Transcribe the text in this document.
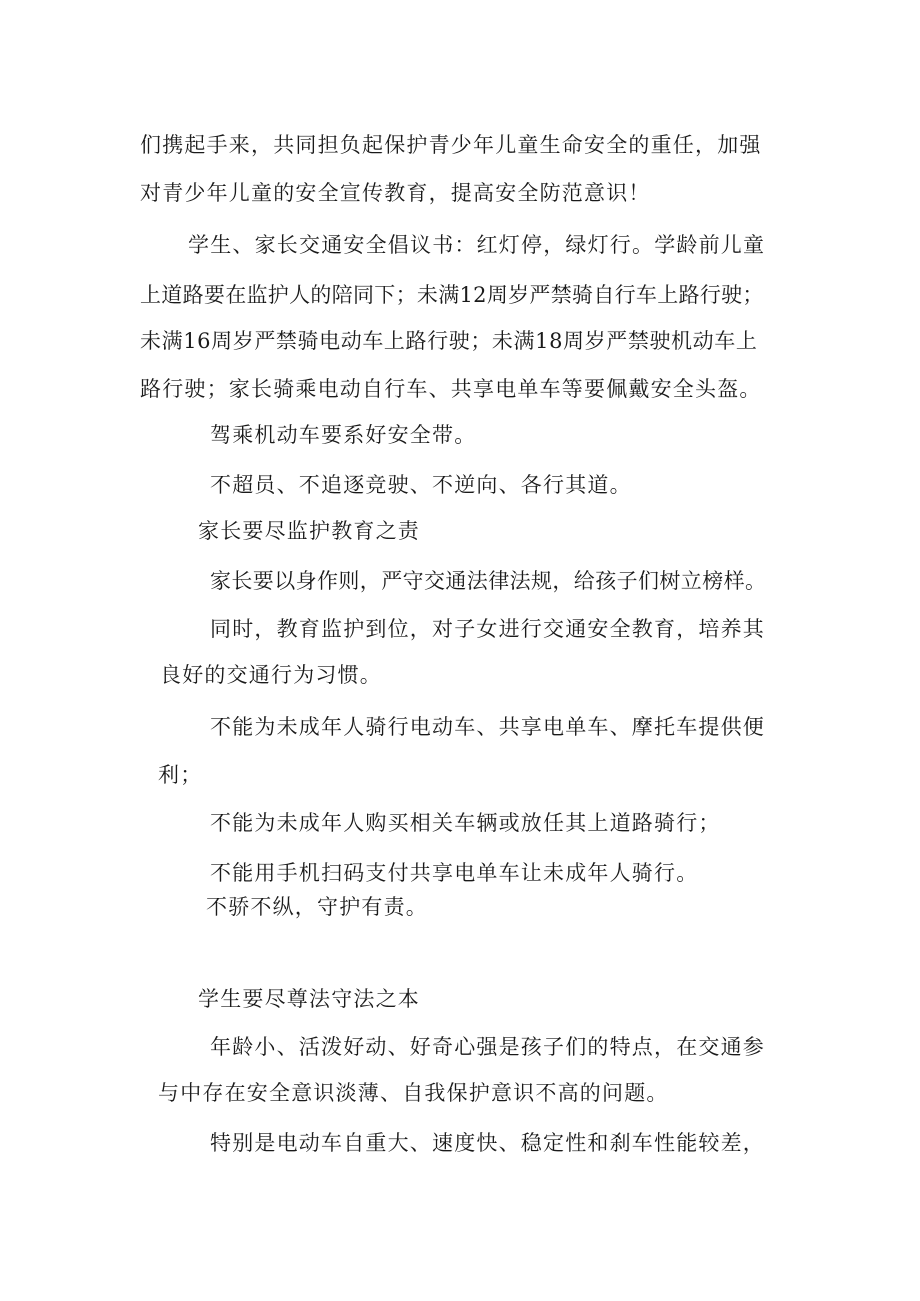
们携起手来，共同担负起保护青少年儿童生命安全的重任，加强
对青少年儿童的安全宣传教育，提高安全防范意识！
学生、家长交通安全倡议书：红灯停，绿灯行。学龄前儿童
上道路要在监护人的陪同下；未满12周岁严禁骑自行车上路行驶；
未满16周岁严禁骑电动车上路行驶；未满18周岁严禁驶机动车上
路行驶；家长骑乘电动自行车、共享电单车等要佩戴安全头盔。
驾乘机动车要系好安全带。
不超员、不追逐竞驶、不逆向、各行其道。
家长要尽监护教育之责
家长要以身作则，严守交通法律法规，给孩子们树立榜样。
同时，教育监护到位，对子女进行交通安全教育，培养其
良好的交通行为习惯。
不能为未成年人骑行电动车、共享电单车、摩托车提供便
利；
不能为未成年人购买相关车辆或放任其上道路骑行；
不能用手机扫码支付共享电单车让未成年人骑行。
不骄不纵，守护有责。
学生要尽尊法守法之本
年龄小、活泼好动、好奇心强是孩子们的特点，在交通参
与中存在安全意识淡薄、自我保护意识不高的问题。
特别是电动车自重大、速度快、稳定性和刹车性能较差，
